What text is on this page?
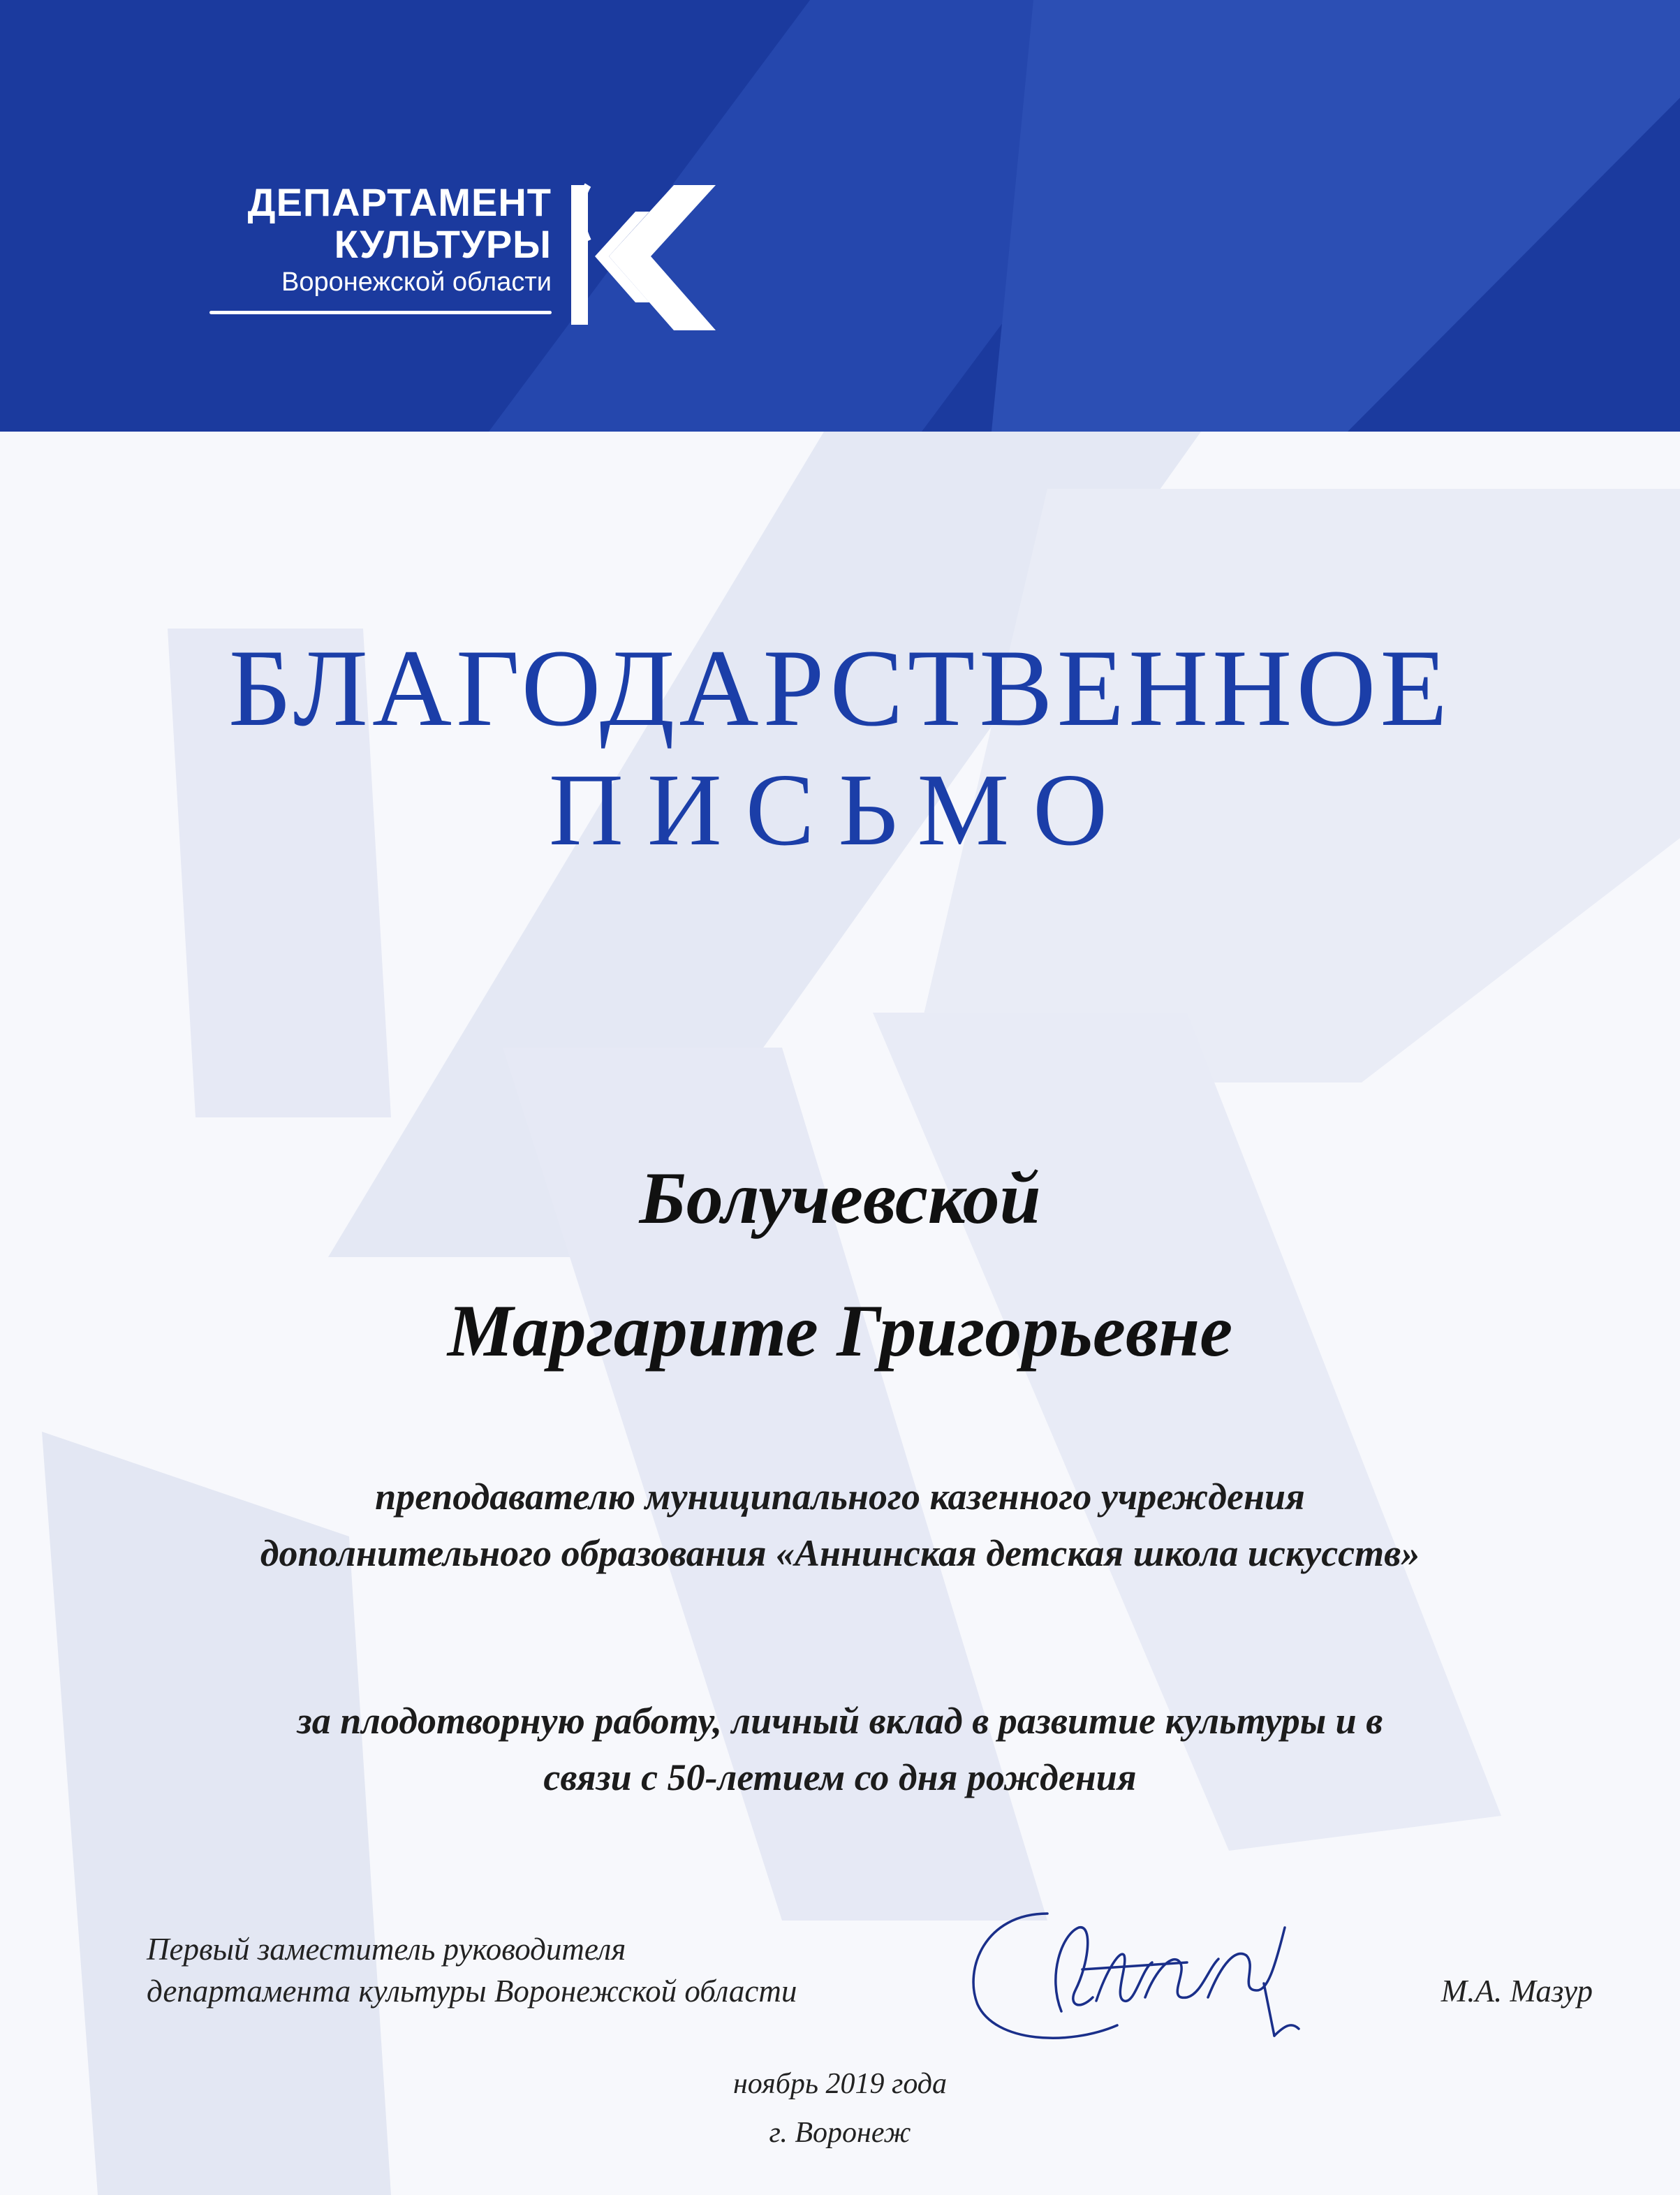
ДЕПАРТАМЕНТ
КУЛЬТУРЫ
Воронежской области
БЛАГОДАРСТВЕННОЕ
ПИСЬМО
Болучевской
Маргарите Григорьевне
преподавателю муниципального казенного учреждения
дополнительного образования «Аннинская детская школа искусств»
за плодотворную работу, личный вклад в развитие культуры и в
связи с 50-летием со дня рождения
Первый заместитель руководителя
департамента культуры Воронежской области	М.А. Мазур
ноябрь 2019 года
г. Воронеж
